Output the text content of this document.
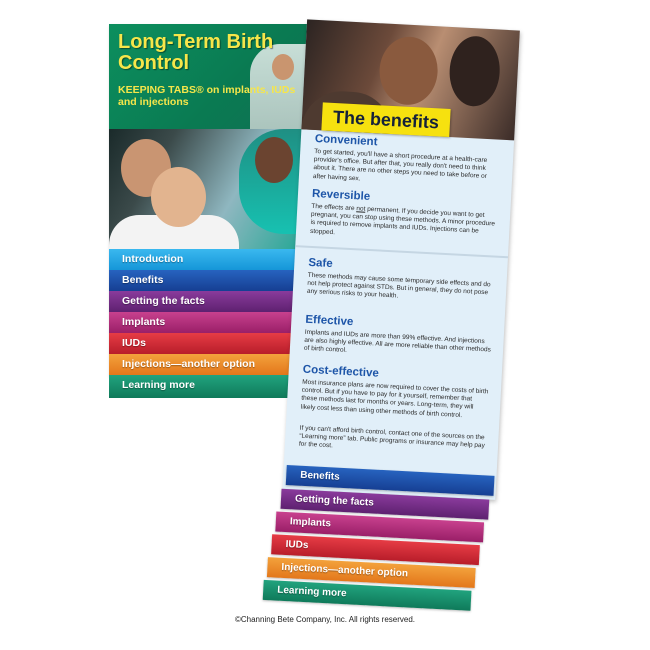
Long-Term Birth Control
KEEPING TABS® on implants, IUDs and injections
Introduction
Benefits
Getting the facts
Implants
IUDs
Injections—another option
Learning more
The benefits
Convenient
To get started, you'll have a short procedure at a health-care provider's office. But after that, you really don't need to think about it. There are no other steps you need to take before or after having sex.
Reversible
The effects are not permanent. If you decide you want to get pregnant, you can stop using these methods. A minor procedure is required to remove implants and IUDs. Injections can be stopped.
Safe
These methods may cause some temporary side effects and do not help protect against STDs. But in general, they do not pose any serious risks to your health.
Effective
Implants and IUDs are more than 99% effective. And injections are also highly effective. All are more reliable than other methods of birth control.
Cost-effective
Most insurance plans are now required to cover the costs of birth control. But if you have to pay for it yourself, remember that these methods last for months or years. Long-term, they will likely cost less than using other methods of birth control.
If you can't afford birth control, contact one of the sources on the “Learning more” tab. Public programs or insurance may help pay for the cost.
Benefits
Getting the facts
Implants
IUDs
Injections—another option
Learning more
©Channing Bete Company, Inc. All rights reserved.
